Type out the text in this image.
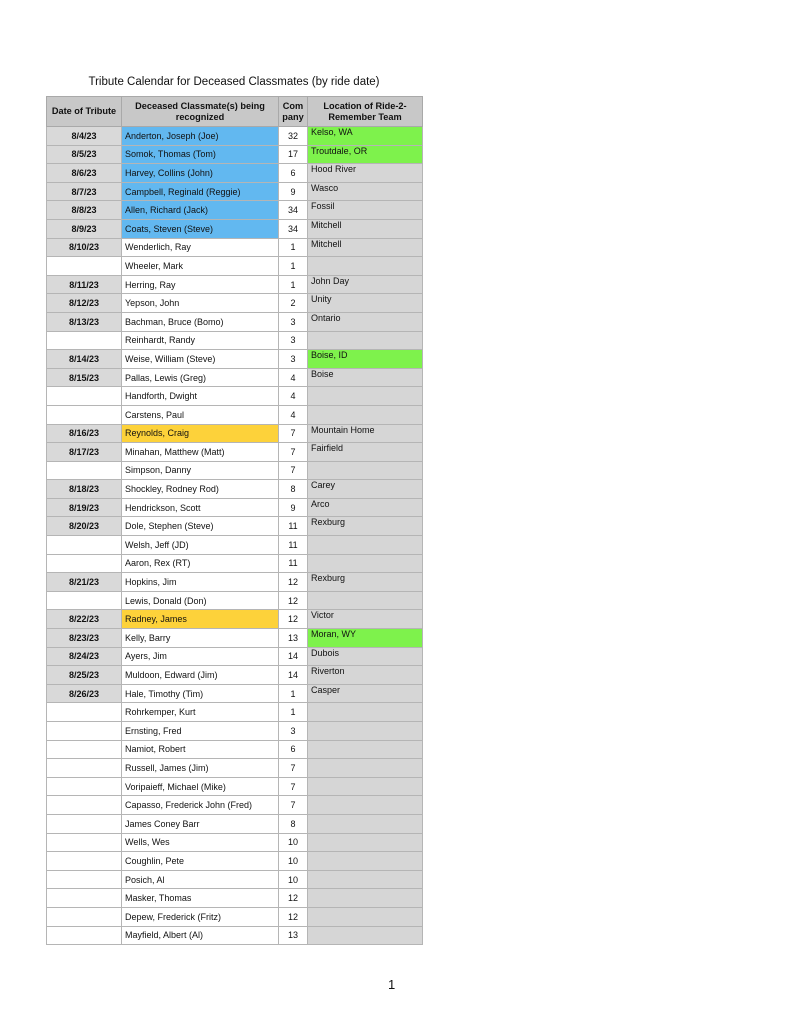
Tribute Calendar for Deceased Classmates (by ride date)
Date of Tribute	Deceased Classmate(s) being recognized	Com pany	Location of Ride-2-Remember Team
8/4/23	Anderton, Joseph (Joe)	32	Kelso, WA
8/5/23	Somok, Thomas (Tom)	17	Troutdale, OR
8/6/23	Harvey, Collins (John)	6	Hood River
8/7/23	Campbell, Reginald (Reggie)	9	Wasco
8/8/23	Allen, Richard (Jack)	34	Fossil
8/9/23	Coats, Steven (Steve)	34	Mitchell
8/10/23	Wenderlich, Ray	1	Mitchell
	Wheeler, Mark	1	
8/11/23	Herring, Ray	1	John Day
8/12/23	Yepson, John	2	Unity
8/13/23	Bachman, Bruce (Bomo)	3	Ontario
	Reinhardt, Randy	3	
8/14/23	Weise, William (Steve)	3	Boise, ID
8/15/23	Pallas, Lewis (Greg)	4	Boise
	Handforth, Dwight	4	
	Carstens, Paul	4	
8/16/23	Reynolds, Craig	7	Mountain Home
8/17/23	Minahan, Matthew (Matt)	7	Fairfield
	Simpson, Danny	7	
8/18/23	Shockley, Rodney Rod)	8	Carey
8/19/23	Hendrickson, Scott	9	Arco
8/20/23	Dole, Stephen (Steve)	11	Rexburg
	Welsh, Jeff (JD)	11	
	Aaron, Rex (RT)	11	
8/21/23	Hopkins, Jim	12	Rexburg
	Lewis, Donald (Don)	12	
8/22/23	Radney, James	12	Victor
8/23/23	Kelly, Barry	13	Moran, WY
8/24/23	Ayers, Jim	14	Dubois
8/25/23	Muldoon, Edward (Jim)	14	Riverton
8/26/23	Hale, Timothy (Tim)	1	Casper
	Rohrkemper, Kurt	1	
	Ernsting, Fred	3	
	Namiot, Robert	6	
	Russell, James (Jim)	7	
	Voripaieff, Michael (Mike)	7	
	Capasso, Frederick John (Fred)	7	
	James Coney Barr	8	
	Wells, Wes	10	
	Coughlin, Pete	10	
	Posich, Al	10	
	Masker, Thomas	12	
	Depew, Frederick (Fritz)	12	
	Mayfield, Albert (Al)	13	
1
